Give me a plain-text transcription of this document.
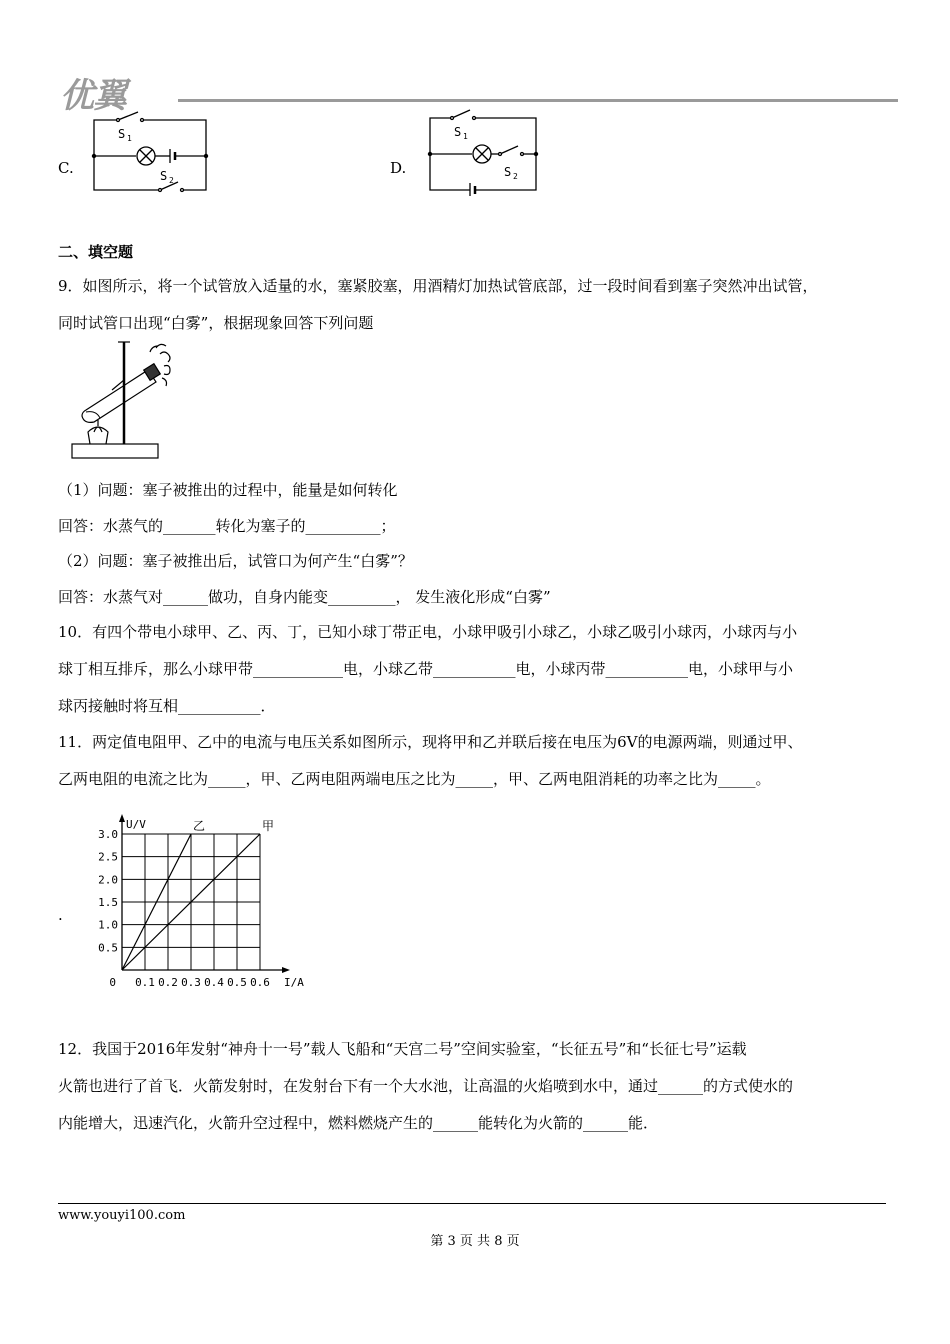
优翼
C.
S 1
S 2
D.
S 1
S 2
二、填空题
9．如图所示，将一个试管放入适量的水，塞紧胶塞，用酒精灯加热试管底部，过一段时间看到塞子突然冲出试管，
同时试管口出现“白雾”，根据现象回答下列问题
（1）问题：塞子被推出的过程中，能量是如何转化
回答：水蒸气的_______转化为塞子的__________；
（2）问题：塞子被推出后，试管口为何产生“白雾”？
回答：水蒸气对______做功，自身内能变_________， 发生液化形成“白雾”
10．有四个带电小球甲、乙、丙、丁，已知小球丁带正电，小球甲吸引小球乙，小球乙吸引小球丙，小球丙与小
球丁相互排斥，那么小球甲带____________电，小球乙带___________电，小球丙带___________电，小球甲与小
球丙接触时将互相___________．
11．两定值电阻甲、乙中的电流与电压关系如图所示，现将甲和乙并联后接在电压为6V的电源两端，则通过甲、
乙两电阻的电流之比为_____，甲、乙两电阻两端电压之比为_____，甲、乙两电阻消耗的功率之比为_____。
.
0.5
1.0
1.5
2.0
2.5
3.0
0 0.1 0.2 0.3 0.4 0.5 0.6 I/A
U/V	乙	甲
12．我国于2016年发射“神舟十一号”载人飞船和“天宫二号”空间实验室，“长征五号”和“长征七号”运载
火箭也进行了首飞．火箭发射时，在发射台下有一个大水池，让高温的火焰喷到水中，通过______的方式使水的
内能增大，迅速汽化，火箭升空过程中，燃料燃烧产生的______能转化为火箭的______能．
www.youyi100.com
第 3 页 共 8 页
